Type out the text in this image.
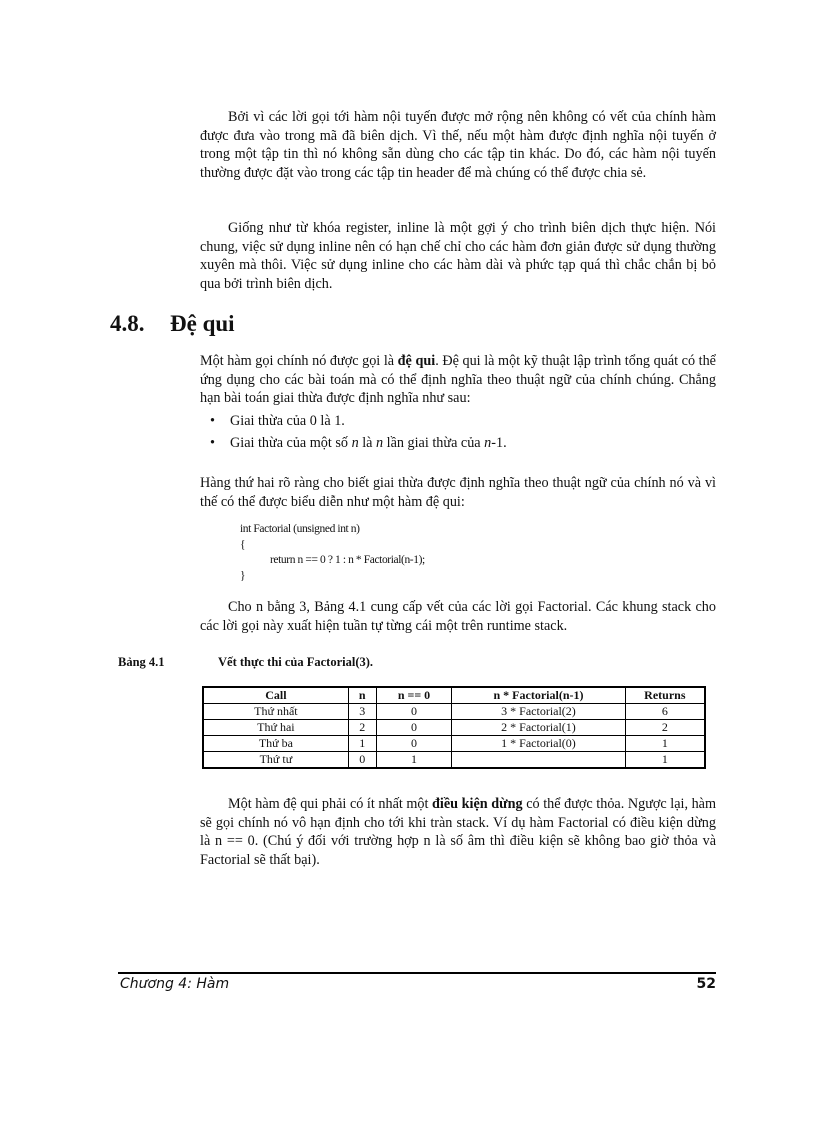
Bởi vì các lời gọi tới hàm nội tuyến được mở rộng nên không có vết của chính hàm được đưa vào trong mã đã biên dịch. Vì thế, nếu một hàm được định nghĩa nội tuyến ở trong một tập tin thì nó không sẵn dùng cho các tập tin khác. Do đó, các hàm nội tuyến thường được đặt vào trong các tập tin header để mà chúng có thể được chia sẻ.

Giống như từ khóa register, inline là một gợi ý cho trình biên dịch thực hiện. Nói chung, việc sử dụng inline nên có hạn chế chỉ cho các hàm đơn giản được sử dụng thường xuyên mà thôi. Việc sử dụng inline cho các hàm dài và phức tạp quá thì chắc chắn bị bỏ qua bởi trình biên dịch.

4.8. Đệ qui

Một hàm gọi chính nó được gọi là đệ qui. Đệ qui là một kỹ thuật lập trình tổng quát có thể ứng dụng cho các bài toán mà có thể định nghĩa theo thuật ngữ của chính chúng. Chẳng hạn bài toán giai thừa được định nghĩa như sau:

• Giai thừa của 0 là 1.
• Giai thừa của một số n là n lần giai thừa của n-1.

Hàng thứ hai rõ ràng cho biết giai thừa được định nghĩa theo thuật ngữ của chính nó và vì thế có thể được biểu diễn như một hàm đệ qui:

int Factorial (unsigned int n)
{
return n == 0 ? 1 : n * Factorial(n-1);
}

Cho n bằng 3, Bảng 4.1 cung cấp vết của các lời gọi Factorial. Các khung stack cho các lời gọi này xuất hiện tuần tự từng cái một trên runtime stack.

Bảng 4.1	Vết thực thi của Factorial(3).
Call	n	n == 0	n * Factorial(n-1)	Returns
Thứ nhất	3	0	3 * Factorial(2)	6
Thứ hai	2	0	2 * Factorial(1)	2
Thứ ba	1	0	1 * Factorial(0)	1
Thứ tư	0	1		1

Một hàm đệ qui phải có ít nhất một điều kiện dừng có thể được thỏa. Ngược lại, hàm sẽ gọi chính nó vô hạn định cho tới khi tràn stack. Ví dụ hàm Factorial có điều kiện dừng là n == 0. (Chú ý đối với trường hợp n là số âm thì điều kiện sẽ không bao giờ thỏa và Factorial sẽ thất bại).

Chương 4: Hàm	52
